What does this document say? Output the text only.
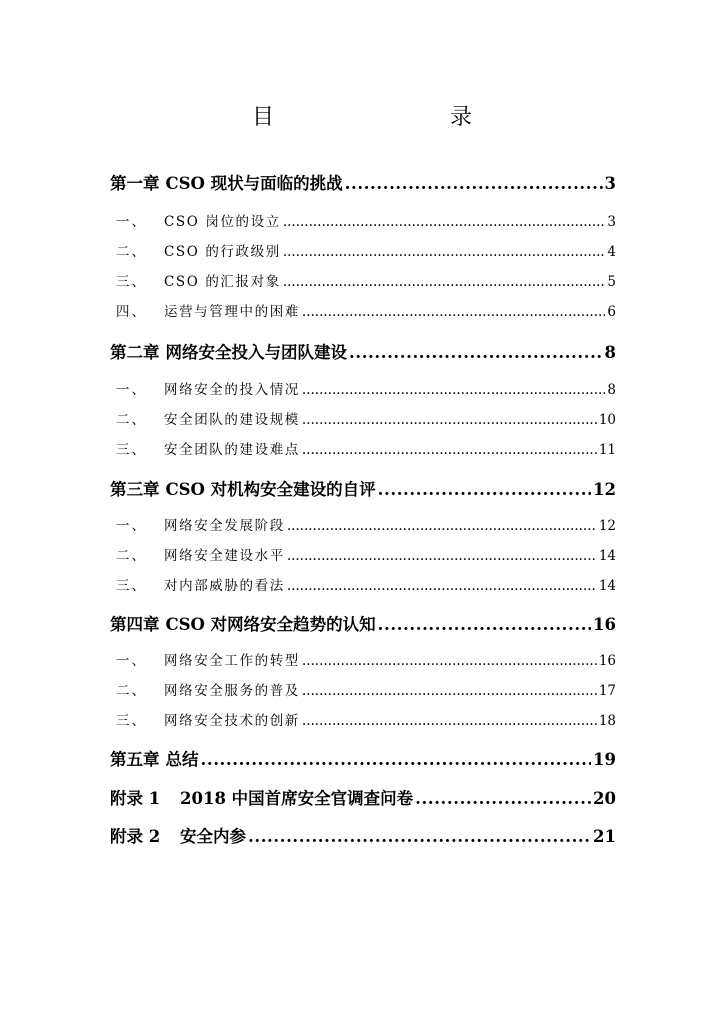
目　　录
第一章 CSO 现状与面临的挑战 .....	3
一、	CSO 岗位的设立 .....	3
二、	CSO 的行政级别 .....	4
三、	CSO 的汇报对象 .....	5
四、	运营与管理中的困难 .....	6
第二章 网络安全投入与团队建设 .....	8
一、	网络安全的投入情况 .....	8
二、	安全团队的建设规模 .....	10
三、	安全团队的建设难点 .....	11
第三章 CSO 对机构安全建设的自评 .....	12
一、	网络安全发展阶段 .....	12
二、	网络安全建设水平 .....	14
三、	对内部威胁的看法 .....	14
第四章 CSO 对网络安全趋势的认知 .....	16
一、	网络安全工作的转型 .....	16
二、	网络安全服务的普及 .....	17
三、	网络安全技术的创新 .....	18
第五章 总结 .....	19
附录 1	2018 中国首席安全官调查问卷 .....	20
附录 2	安全内参 .....	21
